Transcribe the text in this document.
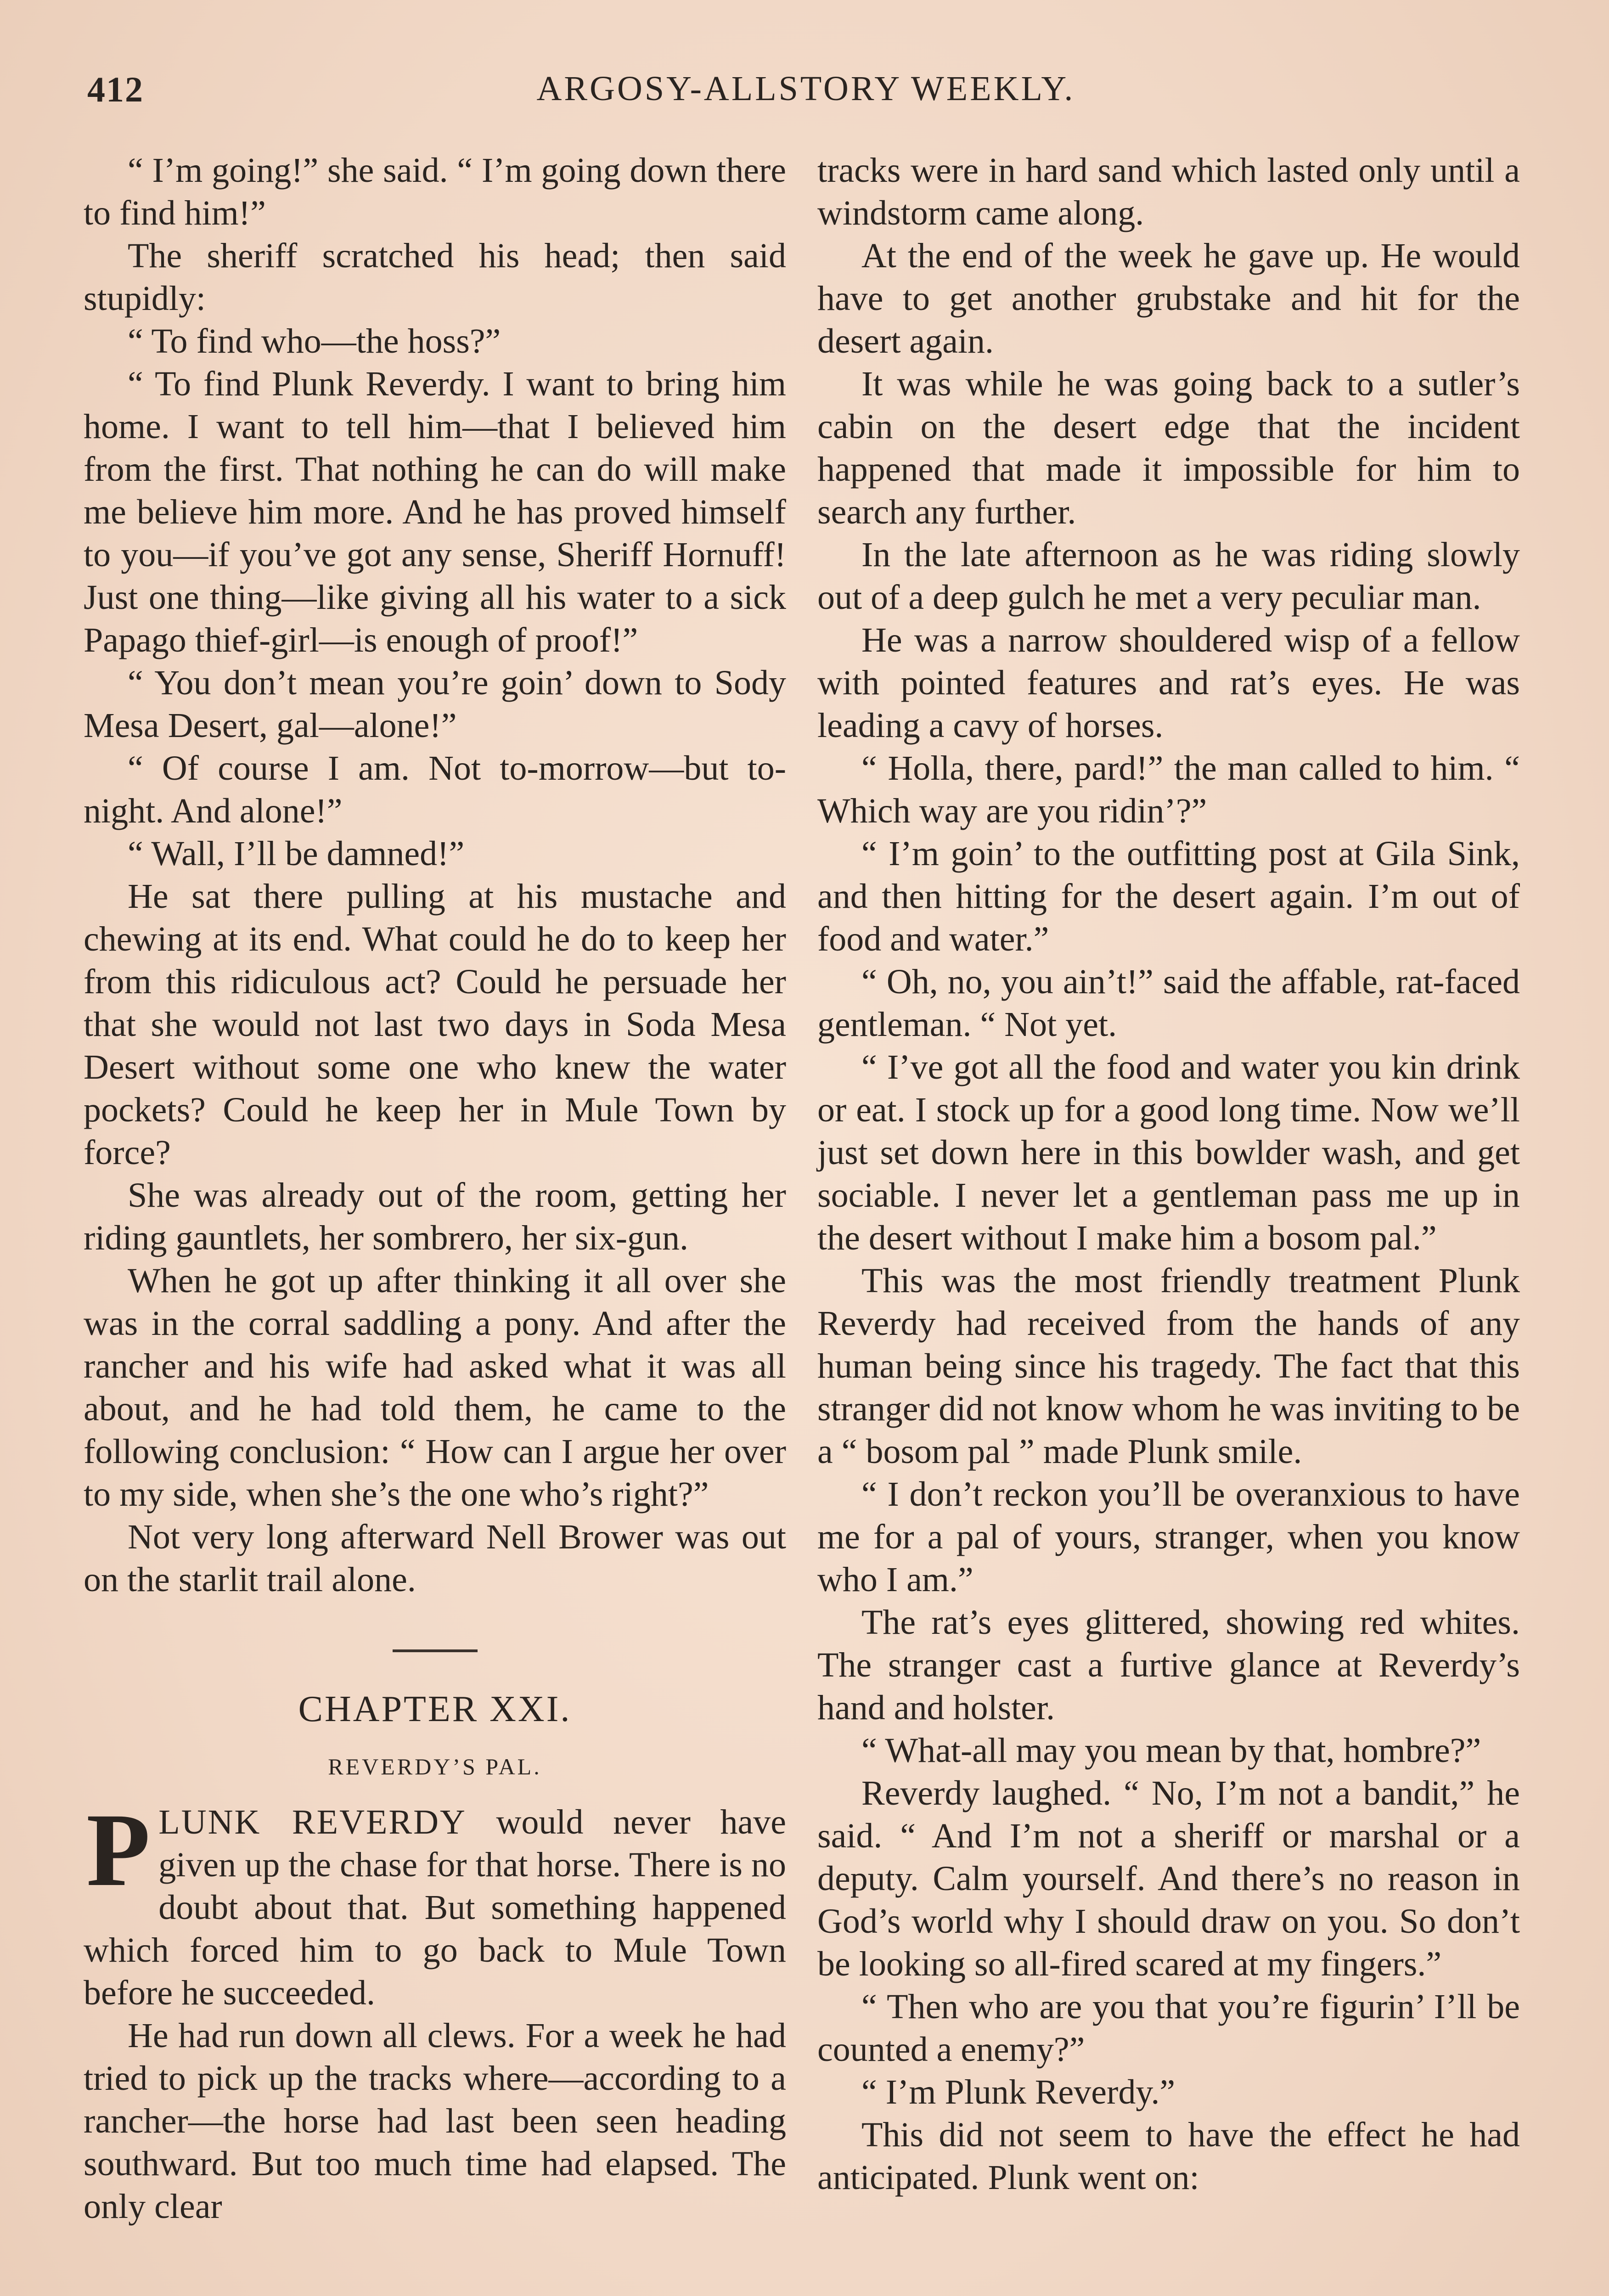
412	ARGOSY-ALLSTORY WEEKLY.

“ I’m going!” she said. “ I’m going down there to find him!”

The sheriff scratched his head; then said stupidly:

“ To find who—the hoss?”

“ To find Plunk Reverdy. I want to bring him home. I want to tell him—that I believed him from the first. That nothing he can do will make me believe him more. And he has proved himself to you—if you’ve got any sense, Sheriff Hornuff! Just one thing—like giving all his water to a sick Papago thief-girl—is enough of proof!”

“ You don’t mean you’re goin’ down to Sody Mesa Desert, gal—alone!”

“ Of course I am. Not to-morrow—but to-night. And alone!”

“ Wall, I’ll be damned!”

He sat there pulling at his mustache and chewing at its end. What could he do to keep her from this ridiculous act? Could he persuade her that she would not last two days in Soda Mesa Desert without some one who knew the water pockets? Could he keep her in Mule Town by force?

She was already out of the room, getting her riding gauntlets, her sombrero, her six-gun.

When he got up after thinking it all over she was in the corral saddling a pony. And after the rancher and his wife had asked what it was all about, and he had told them, he came to the following conclusion: “ How can I argue her over to my side, when she’s the one who’s right?”

Not very long afterward Nell Brower was out on the starlit trail alone.

CHAPTER XXI.
REVERDY’S PAL.

PLUNK REVERDY would never have given up the chase for that horse. There is no doubt about that. But something happened which forced him to go back to Mule Town before he succeeded.

He had run down all clews. For a week he had tried to pick up the tracks where—according to a rancher—the horse had last been seen heading southward. But too much time had elapsed. The only clear

tracks were in hard sand which lasted only until a windstorm came along.

At the end of the week he gave up. He would have to get another grubstake and hit for the desert again.

It was while he was going back to a sutler’s cabin on the desert edge that the incident happened that made it impossible for him to search any further.

In the late afternoon as he was riding slowly out of a deep gulch he met a very peculiar man.

He was a narrow shouldered wisp of a fellow with pointed features and rat’s eyes. He was leading a cavy of horses.

“ Holla, there, pard!” the man called to him. “ Which way are you ridin’?”

“ I’m goin’ to the outfitting post at Gila Sink, and then hitting for the desert again. I’m out of food and water.”

“ Oh, no, you ain’t!” said the affable, rat-faced gentleman. “ Not yet.

“ I’ve got all the food and water you kin drink or eat. I stock up for a good long time. Now we’ll just set down here in this bowlder wash, and get sociable. I never let a gentleman pass me up in the desert without I make him a bosom pal.”

This was the most friendly treatment Plunk Reverdy had received from the hands of any human being since his tragedy. The fact that this stranger did not know whom he was inviting to be a “ bosom pal ” made Plunk smile.

“ I don’t reckon you’ll be overanxious to have me for a pal of yours, stranger, when you know who I am.”

The rat’s eyes glittered, showing red whites. The stranger cast a furtive glance at Reverdy’s hand and holster.

“ What-all may you mean by that, hombre?”

Reverdy laughed. “ No, I’m not a bandit,” he said. “ And I’m not a sheriff or marshal or a deputy. Calm yourself. And there’s no reason in God’s world why I should draw on you. So don’t be looking so all-fired scared at my fingers.”

“ Then who are you that you’re figurin’ I’ll be counted a enemy?”

“ I’m Plunk Reverdy.”

This did not seem to have the effect he had anticipated. Plunk went on:
